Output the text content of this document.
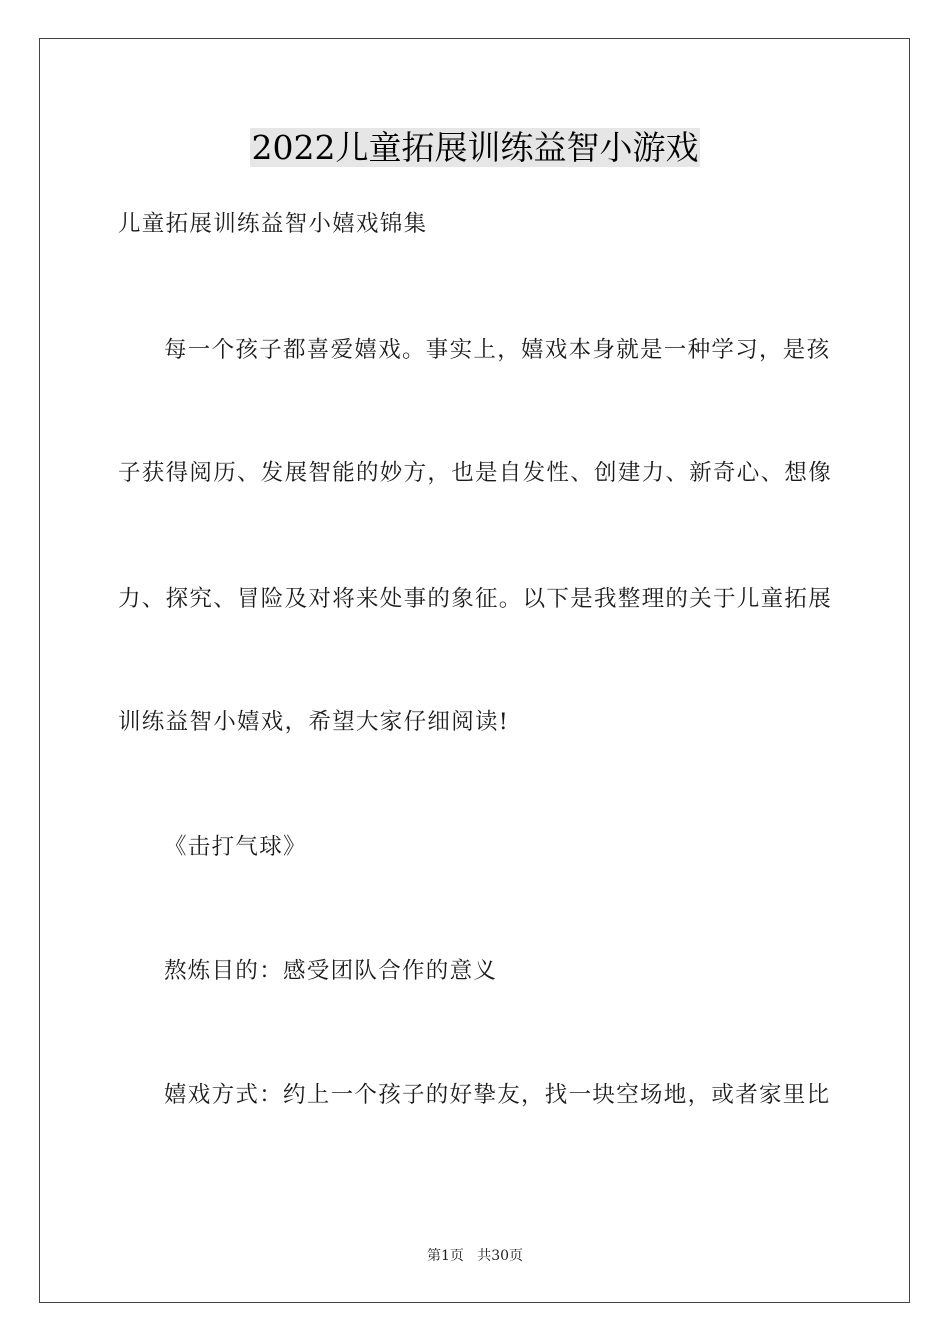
2022儿童拓展训练益智小游戏
儿童拓展训练益智小嬉戏锦集
每一个孩子都喜爱嬉戏。事实上，嬉戏本身就是一种学习，是孩
子获得阅历、发展智能的妙方，也是自发性、创建力、新奇心、想像
力、探究、冒险及对将来处事的象征。以下是我整理的关于儿童拓展
训练益智小嬉戏，希望大家仔细阅读!
《击打气球》
熬炼目的：感受团队合作的意义
嬉戏方式：约上一个孩子的好挚友，找一块空场地，或者家里比
第1页   共30页
